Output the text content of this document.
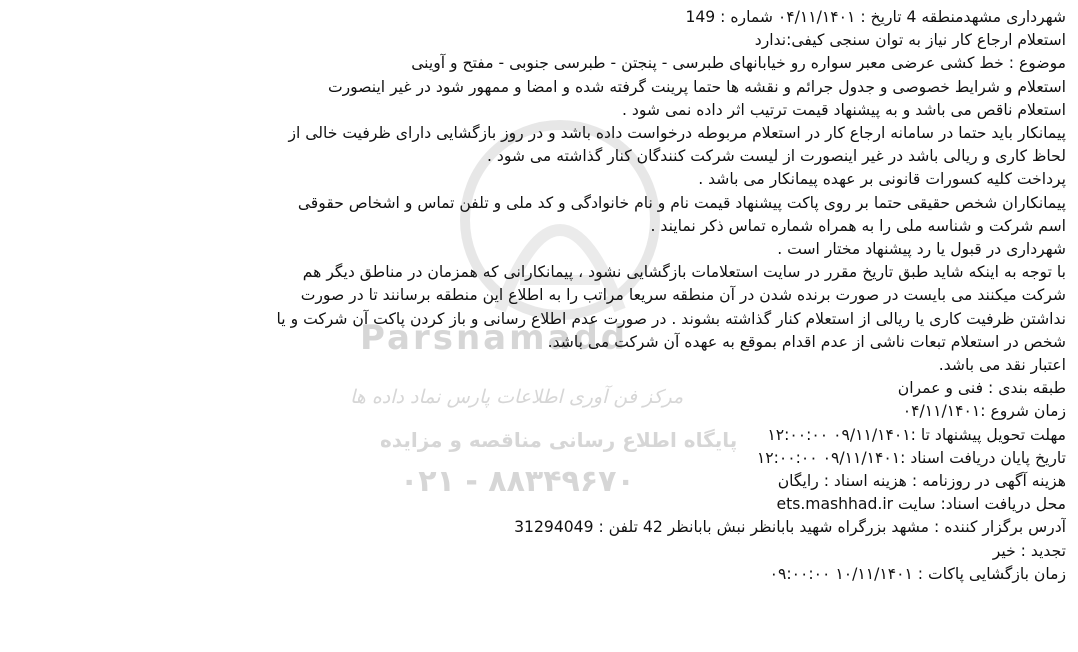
Parsnamadd
مرکز فن آوری اطلاعات پارس نماد داده ها
پایگاه اطلاع رسانی مناقصه و مزایده
۰۲۱ - ۸۸۳۴۹۶۷۰
شهرداری مشهدمنطقه 4 تاریخ : ۰۴/۱۱/۱۴۰۱ شماره : 149
استعلام ارجاع کار نیاز به توان سنجی کیفی:ندارد
موضوع : خط کشی عرضی معبر سواره رو خیابانهای طبرسی - پنجتن - طبرسی جنوبی - مفتح و آوینی
استعلام و شرایط خصوصی و جدول جرائم و نقشه ها حتما پرینت گرفته شده و امضا و ممهور شود در غیر اینصورت
استعلام ناقص می باشد و به پیشنهاد قیمت ترتیب اثر داده نمی شود .
پیمانکار باید حتما در سامانه ارجاع کار در استعلام مربوطه درخواست داده باشد و در روز بازگشایی دارای ظرفیت خالی از
لحاظ کاری و ریالی باشد در غیر اینصورت از لیست شرکت کنندگان کنار گذاشته می شود .
پرداخت کلیه کسورات قانونی بر عهده پیمانکار می باشد .
پیمانکاران شخص حقیقی حتما بر روی پاکت پیشنهاد قیمت نام و نام خانوادگی و کد ملی و تلفن تماس و اشخاص حقوقی
اسم شرکت و شناسه ملی را به همراه شماره تماس ذکر نمایند .
شهرداری در قبول یا رد پیشنهاد مختار است .
با توجه به اینکه شاید طبق تاریخ مقرر در سایت استعلامات بازگشایی نشود ، پیمانکارانی که همزمان در مناطق دیگر هم
شرکت میکنند می بایست در صورت برنده شدن در آن منطقه سریعا مراتب را به اطلاع این منطقه برسانند تا در صورت
نداشتن ظرفیت کاری یا ریالی از استعلام کنار گذاشته بشوند . در صورت عدم اطلاع رسانی و باز کردن پاکت آن شرکت و یا
شخص در استعلام تبعات ناشی از عدم اقدام بموقع به عهده آن شرکت می باشد.
اعتبار نقد می باشد.
طبقه بندی : فنی و عمران
زمان شروع :۰۴/۱۱/۱۴۰۱
مهلت تحویل پیشنهاد تا :۰۹/۱۱/۱۴۰۱ ۱۲:۰۰:۰۰
تاریخ پایان دریافت اسناد :۰۹/۱۱/۱۴۰۱ ۱۲:۰۰:۰۰
هزینه آگهی در روزنامه : هزینه اسناد : رایگان
محل دریافت اسناد: سایت ets.mashhad.ir
آدرس برگزار کننده : مشهد بزرگراه شهید بابانظر نبش بابانظر 42 تلفن : 31294049
تجدید : خیر
زمان بازگشایی پاکات : ۱۰/۱۱/۱۴۰۱ ۰۹:۰۰:۰۰
